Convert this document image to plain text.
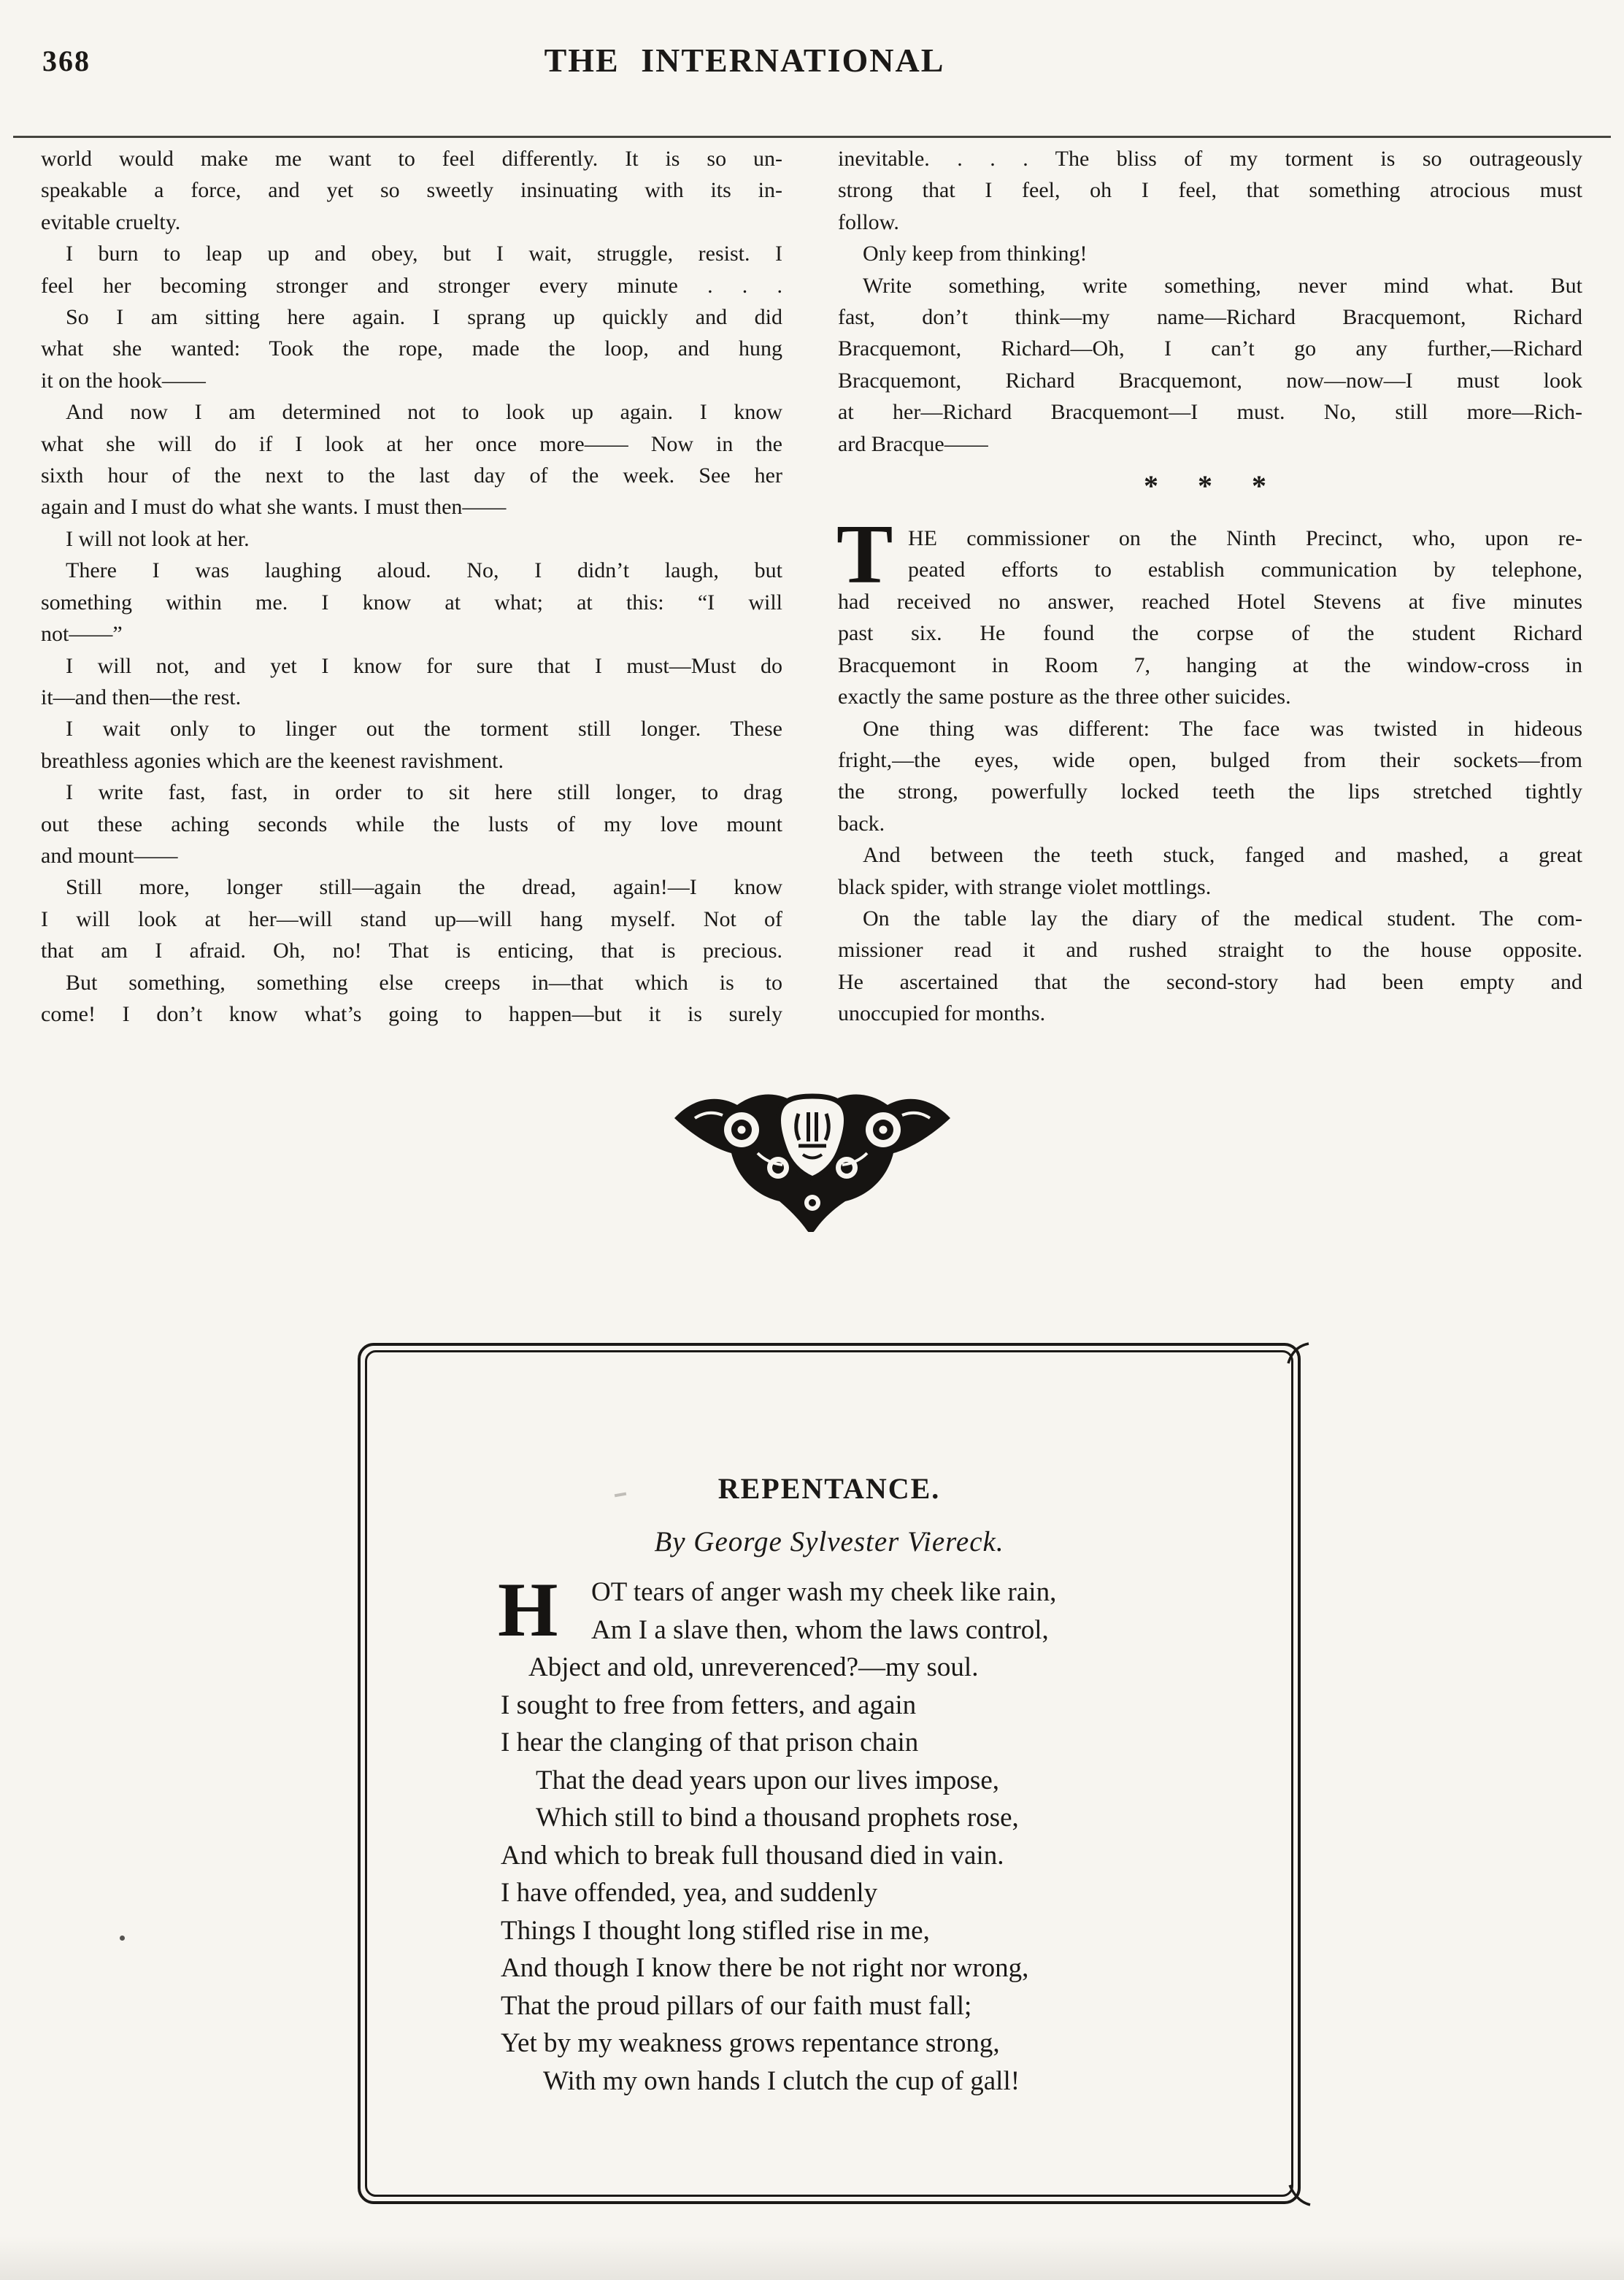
368	THE INTERNATIONAL
world would make me want to feel differently. It is so un-
speakable a force, and yet so sweetly insinuating with its in-
evitable cruelty.
I burn to leap up and obey, but I wait, struggle, resist. I
feel her becoming stronger and stronger every minute . . .
So I am sitting here again. I sprang up quickly and did
what she wanted: Took the rope, made the loop, and hung
it on the hook——
And now I am determined not to look up again. I know
what she will do if I look at her once more—— Now in the
sixth hour of the next to the last day of the week. See her
again and I must do what she wants. I must then——
I will not look at her.
There I was laughing aloud. No, I didn’t laugh, but
something within me. I know at what; at this: “I will
not——”
I will not, and yet I know for sure that I must—Must do
it—and then—the rest.
I wait only to linger out the torment still longer. These
breathless agonies which are the keenest ravishment.
I write fast, fast, in order to sit here still longer, to drag
out these aching seconds while the lusts of my love mount
and mount——
Still more, longer still—again the dread, again!—I know
I will look at her—will stand up—will hang myself. Not of
that am I afraid. Oh, no! That is enticing, that is precious.
But something, something else creeps in—that which is to
come! I don’t know what’s going to happen—but it is surely
inevitable. . . . The bliss of my torment is so outrageously
strong that I feel, oh I feel, that something atrocious must
follow.
Only keep from thinking!
Write something, write something, never mind what. But
fast, don’t think—my name—Richard Bracquemont, Richard
Bracquemont, Richard—Oh, I can’t go any further,—Richard
Bracquemont, Richard Bracquemont, now—now—I must look
at her—Richard Bracquemont—I must. No, still more—Rich-
ard Bracque——
* * *
T HE commissioner on the Ninth Precinct, who, upon re-
peated efforts to establish communication by telephone,
had received no answer, reached Hotel Stevens at five minutes
past six. He found the corpse of the student Richard
Bracquemont in Room 7, hanging at the window-cross in
exactly the same posture as the three other suicides.
One thing was different: The face was twisted in hideous
fright,—the eyes, wide open, bulged from their sockets—from
the strong, powerfully locked teeth the lips stretched tightly
back.
And between the teeth stuck, fanged and mashed, a great
black spider, with strange violet mottlings.
On the table lay the diary of the medical student. The com-
missioner read it and rushed straight to the house opposite.
He ascertained that the second-story had been empty and
unoccupied for months.
REPENTANCE.
By George Sylvester Viereck.
H	OT tears of anger wash my cheek like rain,
Am I a slave then, whom the laws control,
Abject and old, unreverenced?—my soul.
I sought to free from fetters, and again
I hear the clanging of that prison chain
That the dead years upon our lives impose,
Which still to bind a thousand prophets rose,
And which to break full thousand died in vain.
I have offended, yea, and suddenly
Things I thought long stifled rise in me,
And though I know there be not right nor wrong,
That the proud pillars of our faith must fall;
Yet by my weakness grows repentance strong,
With my own hands I clutch the cup of gall!
